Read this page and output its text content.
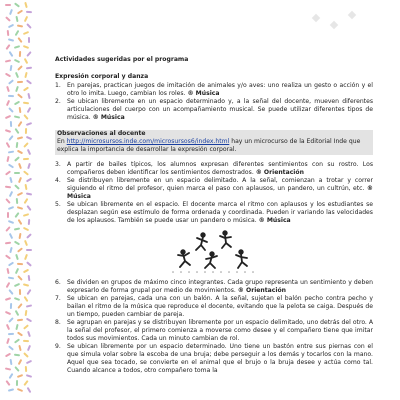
Actividades sugeridas por el programa
Expresión corporal y danza
1. En parejas, practican juegos de imitación de animales y/o aves: uno realiza un gesto o acción y el otro lo imita. Luego, cambian los roles. ® Música
2. Se ubican libremente en un espacio determinado y, a la señal del docente, mueven diferentes articulaciones del cuerpo con un acompañamiento musical. Se puede utilizar diferentes tipos de música. ® Música
Observaciones al docente
En http://microsursos.inde.com/microsursos6/index.html hay un microcurso de la Editorial Inde que explica la importancia de desarrollar la expresión corporal.
3. A partir de bailes típicos, los alumnos expresan diferentes sentimientos con su rostro. Los compañeros deben identificar los sentimientos demostrados. ® Orientación
4. Se distribuyen libremente en un espacio delimitado. A la señal, comienzan a trotar y correr siguiendo el ritmo del profesor, quien marca el paso con aplausos, un pandero, un cultrún, etc. ® Música
5. Se ubican libremente en el espacio. El docente marca el ritmo con aplausos y los estudiantes se desplazan según ese estímulo de forma ordenada y coordinada. Pueden ir variando las velocidades de los aplausos. También se puede usar un pandero o música. ® Música
6. Se dividen en grupos de máximo cinco integrantes. Cada grupo representa un sentimiento y deben expresarlo de forma grupal por medio de movimientos. ® Orientación
7. Se ubican en parejas, cada una con un balón. A la señal, sujetan el balón pecho contra pecho y bailan el ritmo de la música que reproduce el docente, evitando que la pelota se caiga. Después de un tiempo, pueden cambiar de pareja.
8. Se agrupan en parejas y se distribuyen libremente por un espacio delimitado, uno detrás del otro. A la señal del profesor, el primero comienza a moverse como desee y el compañero tiene que imitar todos sus movimientos. Cada un minuto cambian de rol.
9. Se ubican libremente por un espacio determinado. Uno tiene un bastón entre sus piernas con el que simula volar sobre la escoba de una bruja; debe perseguir a los demás y tocarlos con la mano. Aquel que sea tocado, se convierte en el animal que el brujo o la bruja desee y actúa como tal. Cuando alcance a todos, otro compañero toma la
